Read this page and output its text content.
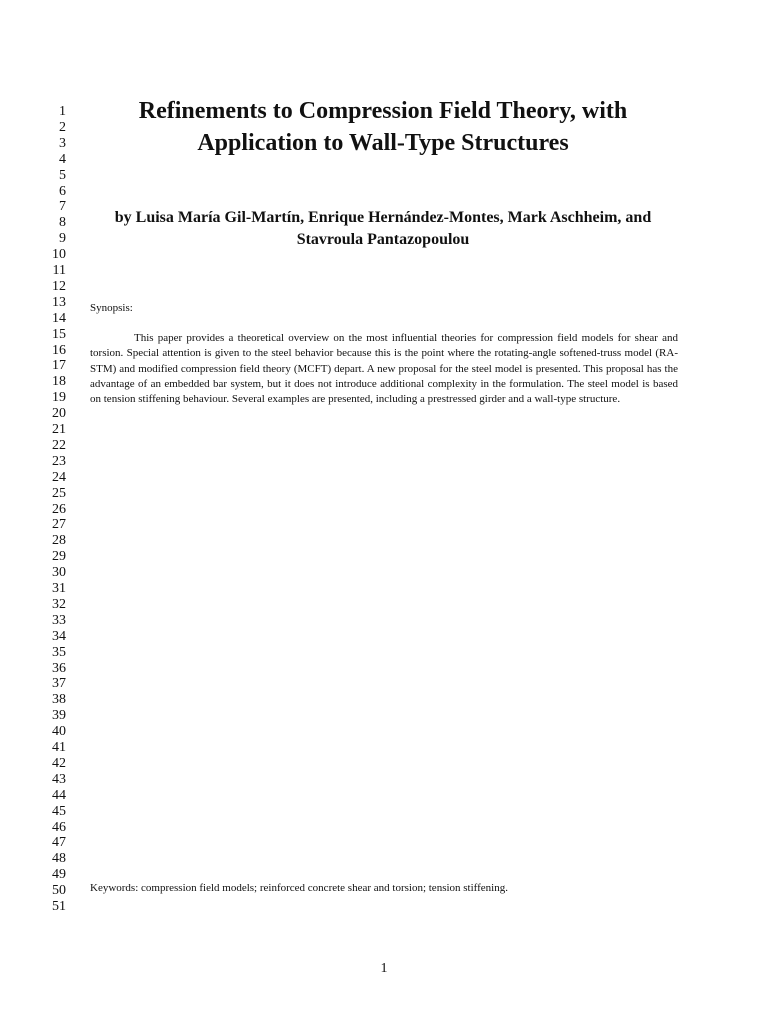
1
2
3
4
5
6
7
8
9
10
11
12
13
14
15
16
17
18
19
20
21
22
23
24
25
26
27
28
29
30
31
32
33
34
35
36
37
38
39
40
41
42
43
44
45
46
47
48
49
50
51
Refinements to Compression Field Theory, with Application to Wall-Type Structures

by Luisa María Gil-Martín, Enrique Hernández-Montes, Mark Aschheim, and Stavroula Pantazopoulou

Synopsis:

This paper provides a theoretical overview on the most influential theories for compression field models for shear and torsion. Special attention is given to the steel behavior because this is the point where the rotating-angle softened-truss model (RA-STM) and modified compression field theory (MCFT) depart. A new proposal for the steel model is presented. This proposal has the advantage of an embedded bar system, but it does not introduce additional complexity in the formulation. The steel model is based on tension stiffening behaviour. Several examples are presented, including a prestressed girder and a wall-type structure.

Keywords: compression field models; reinforced concrete shear and torsion; tension stiffening.
1
